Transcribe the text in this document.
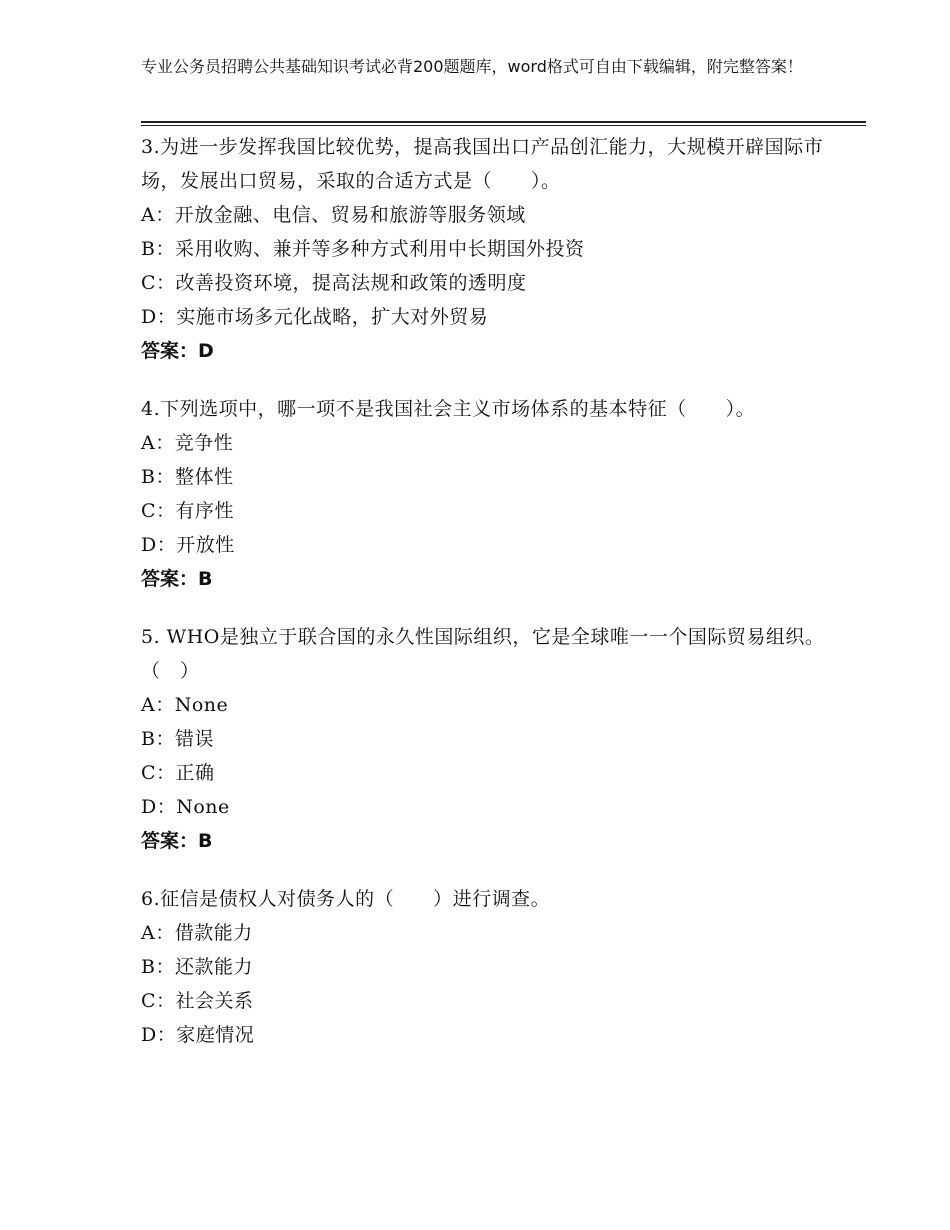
专业公务员招聘公共基础知识考试必背200题题库，word格式可自由下载编辑，附完整答案！
3.为进一步发挥我国比较优势，提高我国出口产品创汇能力，大规模开辟国际市场，发展出口贸易，采取的合适方式是（　　）。
A：开放金融、电信、贸易和旅游等服务领域
B：采用收购、兼并等多种方式利用中长期国外投资
C：改善投资环境，提高法规和政策的透明度
D：实施市场多元化战略，扩大对外贸易
答案：D
4.下列选项中，哪一项不是我国社会主义市场体系的基本特征（　　）。
A：竞争性
B：整体性
C：有序性
D：开放性
答案：B
5. WHO是独立于联合国的永久性国际组织，它是全球唯一一个国际贸易组织。（　）
A：None
B：错误
C：正确
D：None
答案：B
6.征信是债权人对债务人的（　　）进行调查。
A：借款能力
B：还款能力
C：社会关系
D：家庭情况
